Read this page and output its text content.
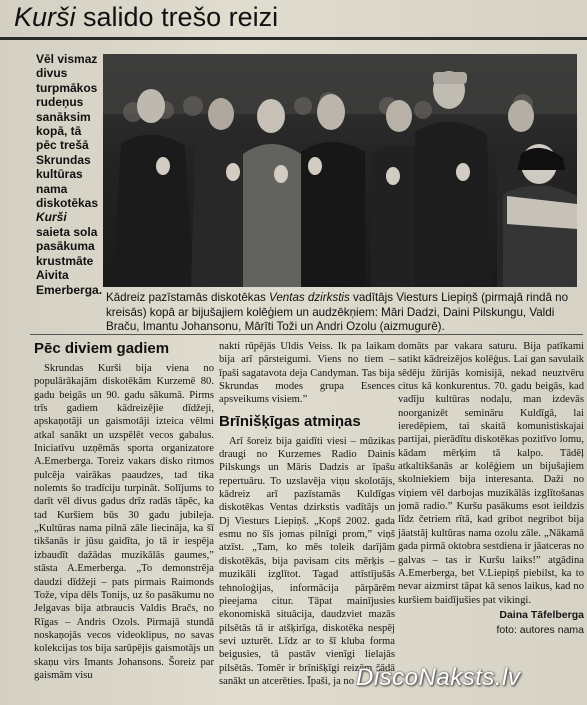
Kurši salido trešo reizi
Vēl vismaz divus turpmākos rudeņus sanāksim kopā, tā pēc trešā Skrundas kultūras nama diskotēkas Kurši saieta sola pasākuma krustmāte Aivita Emerberga.
Kādreiz pazīstamās diskotēkas Ventas dzirkstis vadītājs Viesturs Liepiņš (pirmajā rindā no kreisās) kopā ar bijušajiem kolēģiem un audzēkņiem: Māri Dadzi, Daini Pilskungu, Valdi Braču, Imantu Johansonu, Mārīti Toži un Andri Ozolu (aizmugurē).
Pēc diviem gadiem

Skrundas Kurši bija viena no populārākajām diskotēkām Kurzemē 80. gadu beigās un 90. gadu sākumā. Pirms trīs gadiem kādreizējie dīdžeji, apskaņotāji un gaismotāji izteica vēlmi atkal sanākt un uzspēlēt vecos gabalus. Iniciatīvu uzņēmās sporta organizatore A.Emerberga. Toreiz vakars disko ritmos pulcēja vairākas paaudzes, tad tika nolemts šo tradīciju turpināt. Solījums to darīt vēl divus gadus drīz radās tāpēc, ka tad Kuršiem būs 30 gadu jubileja. „Kultūras nama pilnā zāle liecināja, ka šī tikšanās ir jūsu gaidīta, jo tā ir iespēja izbaudīt dažādas muzikālās gaumes,” stāsta A.Emerberga. „To demonstrēja daudzi dīdžeji – pats pirmais Raimonds Tože, vipa dēls Tonijs, uz šo pasākumu no Jelgavas bija atbraucis Valdis Bračs, no Rīgas – Andris Ozols. Pirmajā stundā noskaņojās vecos videoklipus, no savas kolekcijas tos bija sarūpējis gaismotājs un skaņu virs Imants Johansons. Šoreiz par gaismām visu

nakti rūpējās Uldis Veiss. Ik pa laikam bija arī pārsteigumi. Viens no tiem – īpaši sagatavota deja Candyman. Tas bija Skrundas modes grupa Esences apsveikums visiem.”

Brīnišķīgas atmiņas

Arī šoreiz bija gaidīti viesi – mūzikas draugi no Kurzemes Radio Dainis Pilskungs un Māris Dadzis ar īpašu repertuāru. To uzslavēja viņu skolotājs, kādreiz arī pazīstamās Kuldīgas diskotēkas Ventas dzirkstis vadītājs un Dj Viesturs Liepiņš. „Kopš 2002. gada esmu no šīs jomas pilnīgi prom,” viņš atzīst. „Tam, ko mēs toleik darījām diskotēkās, bija pavisam cits mērķis – muzikāli izglītot. Tagad attīstījušās tehnoloģijas, informācija pārpārēm pieejama citur. Tāpat mainījusies ekonomiskā situācija, daudzviet mazās pilsētās tā ir atšķirīga, diskotēka nespēj sevi uzturēt. Līdz ar to šī kluba forma beigusies, tā pastāv vienīgi lielajās pilsētās. Tomēr ir brīnišķīgi reizēm šādā sanākt un atcerēties. Īpaši, ja no

domāts par vakara saturu. Bija patīkami satikt kādreizējos kolēģus. Lai gan savulaik sēdēju žūrijās komisijā, nekad neuztvēru citus kā konkurentus. 70. gadu beigās, kad vadīju kultūras nodaļu, man izdevās noorganizēt semināru Kuldīgā, lai ieredēpiem, tai skaitā komunistiskajai partijai, pierādītu diskotēkas pozitīvo lomu, kādam mērķim tā kalpo. Tādēļ atkaltikšanās ar kolēģiem un bijušajiem skolniekiem bija interesanta. Daži no viņiem vēl darbojas muzikālās izglītošanas jomā radio.” Kuršu pasākums esot ieildzis līdz četriem rītā, kad gribot negribot bija jāatstāj kultūras nama ozolu zāle. „Nākamā gada pirmā oktobra sestdiena ir jāatceras no galvas – tas ir Kuršu laiks!” atgādina A.Emerberga, bet V.Liepiņš piebilst, ka to nevar aizmirst tāpat kā senos laikus, kad no kuršiem baidījušies pat vikingi.

Daina Tāfelberga
foto: autores nama
DiscoNaksts.lv
